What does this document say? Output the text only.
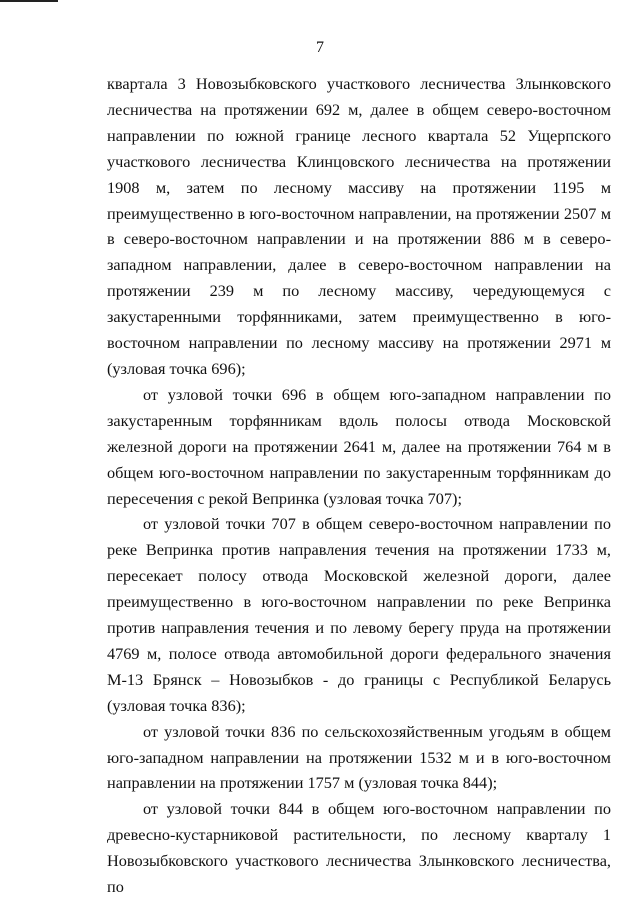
7

квартала 3 Новозыбковского участкового лесничества Злынковского лесничества на протяжении 692 м, далее в общем северо-восточном направлении по южной границе лесного квартала 52 Ущерпского участкового лесничества Клинцовского лесничества на протяжении 1908 м, затем по лесному массиву на протяжении 1195 м преимущественно в юго-восточном направлении, на протяжении 2507 м в северо-восточном направлении и на протяжении 886 м в северо-западном направлении, далее в северо-восточном направлении на протяжении 239 м по лесному массиву, чередующемуся с закустаренными торфянниками, затем преимущественно в юго-восточном направлении по лесному массиву на протяжении 2971 м (узловая точка 696);

от узловой точки 696 в общем юго-западном направлении по закустаренным торфянникам вдоль полосы отвода Московской железной дороги на протяжении 2641 м, далее на протяжении 764 м в общем юго-восточном направлении по закустаренным торфянникам до пересечения с рекой Вепринка (узловая точка 707);

от узловой точки 707 в общем северо-восточном направлении по реке Вепринка против направления течения на протяжении 1733 м, пересекает полосу отвода Московской железной дороги, далее преимущественно в юго-восточном направлении по реке Вепринка против направления течения и по левому берегу пруда на протяжении 4769 м, полосе отвода автомобильной дороги федерального значения М-13 Брянск – Новозыбков - до границы с Республикой Беларусь (узловая точка 836);

от узловой точки 836 по сельскохозяйственным угодьям в общем юго-западном направлении на протяжении 1532 м и в юго-восточном направлении на протяжении 1757 м (узловая точка 844);

от узловой точки 844 в общем юго-восточном направлении по древесно-кустарниковой растительности, по лесному кварталу 1 Новозыбковского участкового лесничества Злынковского лесничества, по
